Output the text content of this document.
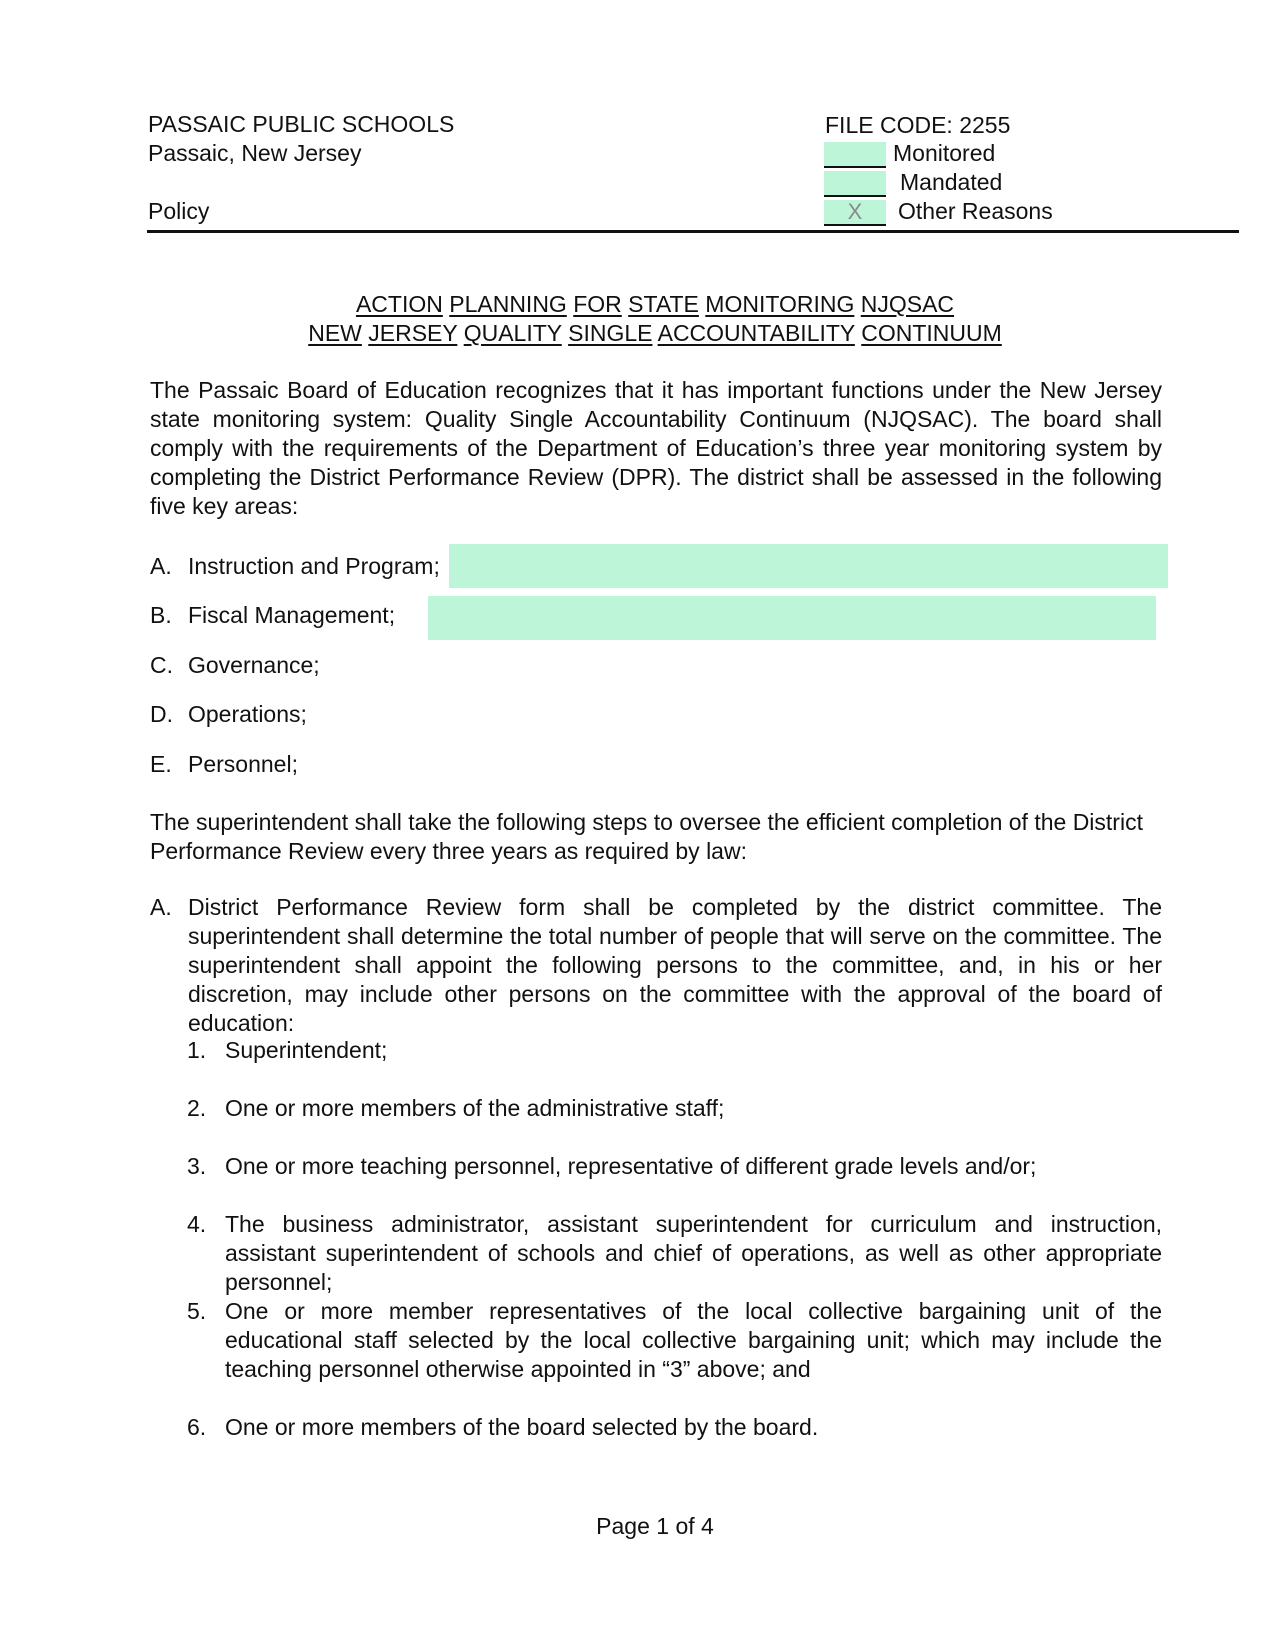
PASSAIC PUBLIC SCHOOLS
Passaic, New Jersey
Policy
FILE CODE: 2255
Monitored
Mandated
X	Other Reasons
ACTION PLANNING FOR STATE MONITORING NJQSAC
NEW JERSEY QUALITY SINGLE ACCOUNTABILITY CONTINUUM
The Passaic Board of Education recognizes that it has important functions under the New Jersey state monitoring system: Quality Single Accountability Continuum (NJQSAC). The board shall comply with the requirements of the Department of Education’s three year monitoring system by completing the District Performance Review (DPR). The district shall be assessed in the following five key areas:
A. Instruction and Program;
B. Fiscal Management;
C. Governance;
D. Operations;
E. Personnel;
The superintendent shall take the following steps to oversee the efficient completion of the District Performance Review every three years as required by law:
A. District Performance Review form shall be completed by the district committee. The superintendent shall determine the total number of people that will serve on the committee. The superintendent shall appoint the following persons to the committee, and, in his or her discretion, may include other persons on the committee with the approval of the board of education:
1. Superintendent;
2. One or more members of the administrative staff;
3. One or more teaching personnel, representative of different grade levels and/or;
4. The business administrator, assistant superintendent for curriculum and instruction, assistant superintendent of schools and chief of operations, as well as other appropriate personnel;
5. One or more member representatives of the local collective bargaining unit of the educational staff selected by the local collective bargaining unit; which may include the teaching personnel otherwise appointed in “3” above; and
6. One or more members of the board selected by the board.
Page 1 of 4
